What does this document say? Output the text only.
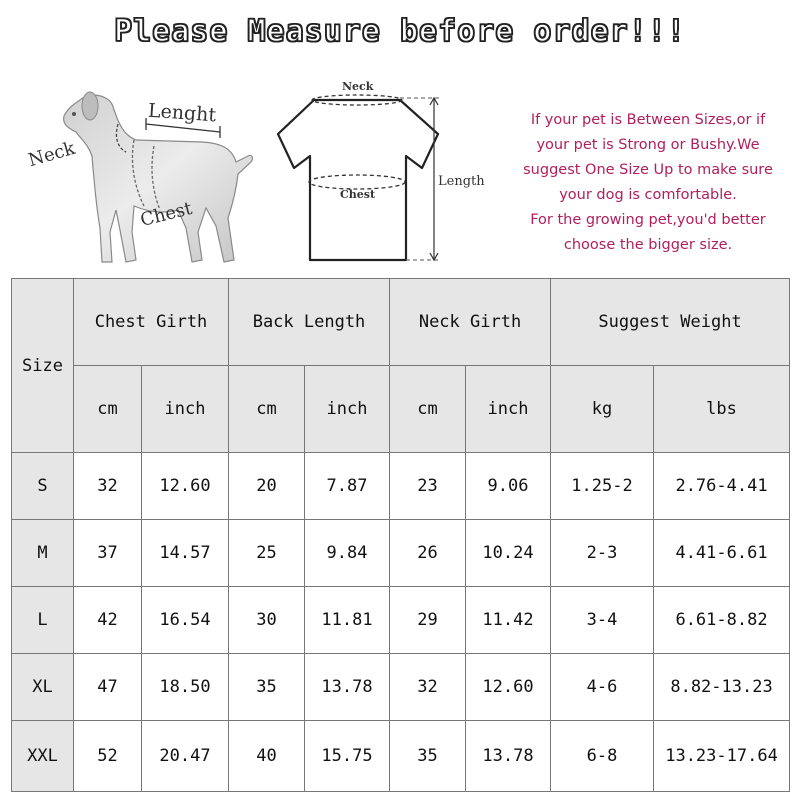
Please Measure before order!!!
Neck
Lenght
Chest
Neck
Chest
Length
If your pet is Between Sizes,or if
your pet is Strong or Bushy.We
suggest One Size Up to make sure
your dog is comfortable.
For the growing pet,you'd better
choose the bigger size.
Size	Chest Girth		Back Length		Neck Girth		Suggest Weight	
	cm	inch	cm	inch	cm	inch	kg	lbs
S	32	12.60	20	7.87	23	9.06	1.25-2	2.76-4.41
M	37	14.57	25	9.84	26	10.24	2-3	4.41-6.61
L	42	16.54	30	11.81	29	11.42	3-4	6.61-8.82
XL	47	18.50	35	13.78	32	12.60	4-6	8.82-13.23
XXL	52	20.47	40	15.75	35	13.78	6-8	13.23-17.64
